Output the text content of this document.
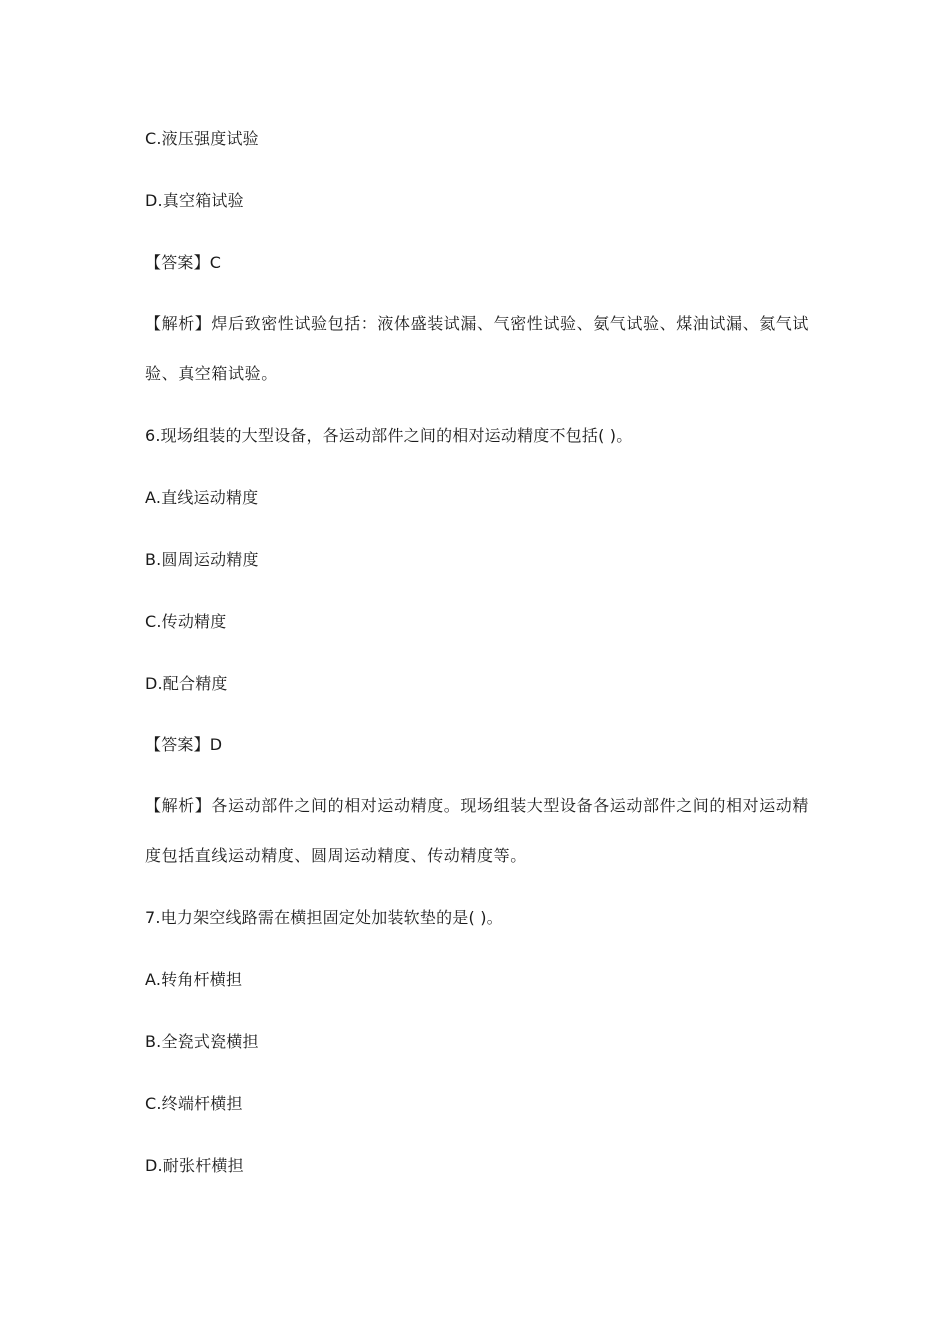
C.液压强度试验
D.真空箱试验
【答案】C
【解析】焊后致密性试验包括：液体盛装试漏、气密性试验、氨气试验、煤油试漏、氦气试验、真空箱试验。
6.现场组装的大型设备，各运动部件之间的相对运动精度不包括( )。
A.直线运动精度
B.圆周运动精度
C.传动精度
D.配合精度
【答案】D
【解析】各运动部件之间的相对运动精度。现场组装大型设备各运动部件之间的相对运动精度包括直线运动精度、圆周运动精度、传动精度等。
7.电力架空线路需在横担固定处加装软垫的是( )。
A.转角杆横担
B.全瓷式瓷横担
C.终端杆横担
D.耐张杆横担
